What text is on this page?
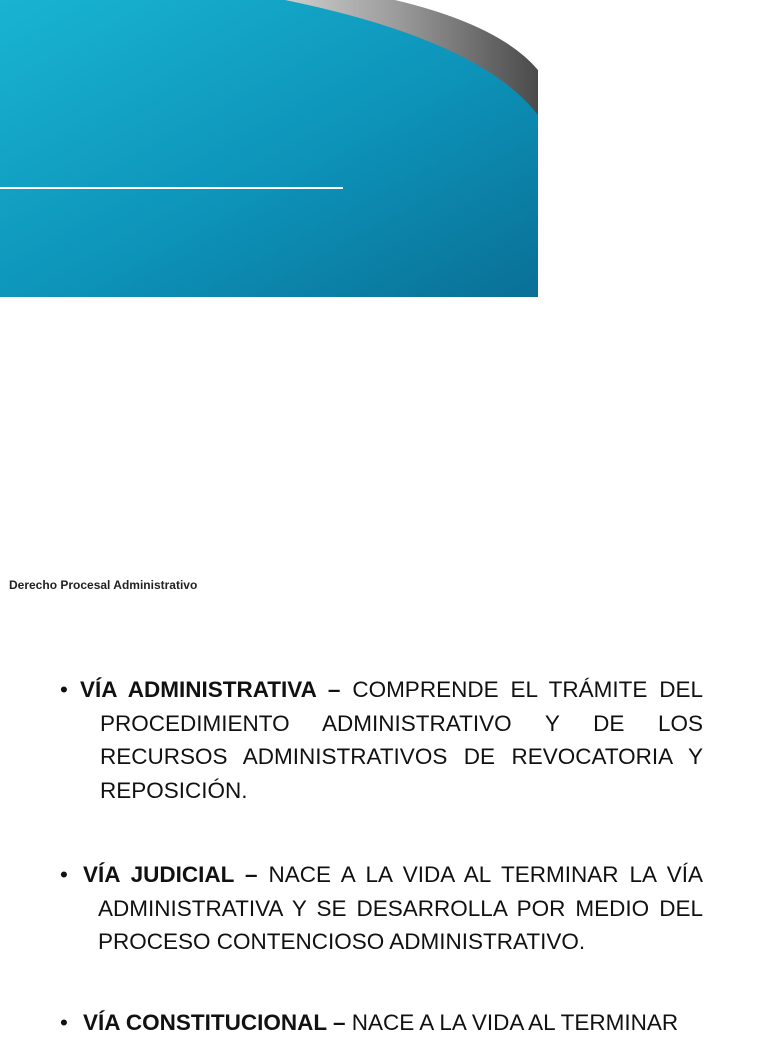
Derecho Procesal Administrativo
• VÍA ADMINISTRATIVA – COMPRENDE EL TRÁMITE DEL PROCEDIMIENTO ADMINISTRATIVO Y DE LOS RECURSOS ADMINISTRATIVOS DE REVOCATORIA Y REPOSICIÓN.
• VÍA JUDICIAL – NACE A LA VIDA AL TERMINAR LA VÍA ADMINISTRATIVA Y SE DESARROLLA POR MEDIO DEL PROCESO CONTENCIOSO ADMINISTRATIVO.
• VÍA CONSTITUCIONAL – NACE A LA VIDA AL TERMINAR
